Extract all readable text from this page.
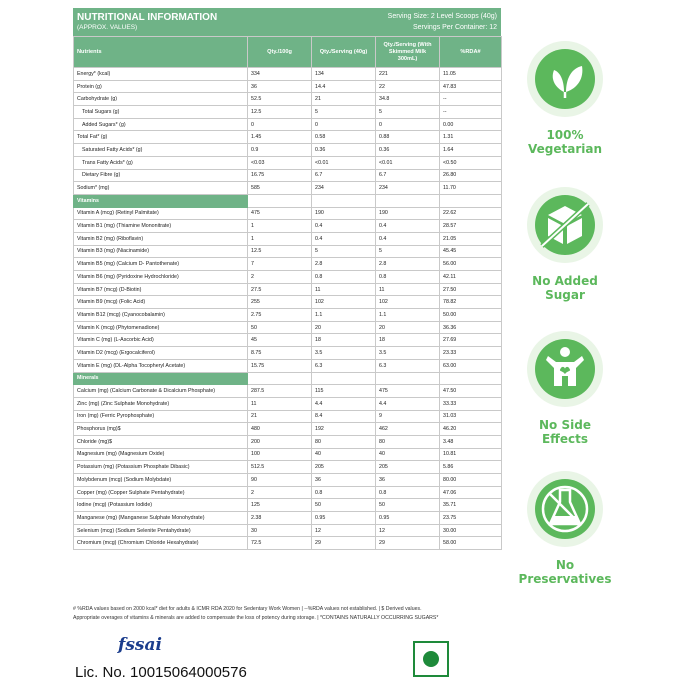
NUTRITIONAL INFORMATION
(APPROX. VALUES)
Serving Size: 2 Level Scoops (40g)
Servings Per Container: 12
Nutrients	Qty./100g	Qty./Serving (40g)	Qty./Serving (With Skimmed Milk 300mL)	%RDA#
Energy* (kcal)	334	134	221	11.05
Protein (g)	36	14.4	22	47.83
Carbohydrate (g)	52.5	21	34.8	--
Total Sugars (g)	12.5	5	5	--
Added Sugars* (g)	0	0	0	0.00
Total Fat* (g)	1.45	0.58	0.88	1.31
Saturated Fatty Acids* (g)	0.9	0.36	0.36	1.64
Trans Fatty Acids* (g)	<0.03	<0.01	<0.01	<0.50
Dietary Fibre (g)	16.75	6.7	6.7	26.80
Sodium* (mg)	585	234	234	11.70
Vitamins				
Vitamin A (mcg) (Retinyl Palmitate)	475	190	190	22.62
Vitamin B1 (mg) (Thiamine Mononitrate)	1	0.4	0.4	28.57
Vitamin B2 (mg) (Riboflavin)	1	0.4	0.4	21.05
Vitamin B3 (mg) (Niacinamide)	12.5	5	5	45.45
Vitamin B5 (mg) (Calcium D- Pantothenate)	7	2.8	2.8	56.00
Vitamin B6 (mg) (Pyridoxine Hydrochloride)	2	0.8	0.8	42.11
Vitamin B7 (mcg) (D-Biotin)	27.5	11	11	27.50
Vitamin B9 (mcg) (Folic Acid)	255	102	102	78.82
Vitamin B12 (mcg) (Cyanocobalamin)	2.75	1.1	1.1	50.00
Vitamin K (mcg) (Phytomenadione)	50	20	20	36.36
Vitamin C (mg) (L-Ascorbic Acid)	45	18	18	27.69
Vitamin D2 (mcg) (Ergocalciferol)	8.75	3.5	3.5	23.33
Vitamin E (mg) (DL-Alpha Tocopheryl Acetate)	15.75	6.3	6.3	63.00
Minerals				
Calcium (mg) (Calcium Carbonate & Dicalcium Phosphate)	287.5	115	475	47.50
Zinc (mg) (Zinc Sulphate Monohydrate)	11	4.4	4.4	33.33
Iron (mg) (Ferric Pyrophosphate)	21	8.4	9	31.03
Phosphorus (mg)$	480	192	462	46.20
Chloride (mg)$	200	80	80	3.48
Magnesium (mg) (Magnesium Oxide)	100	40	40	10.81
Potassium (mg) (Potassium Phosphate Dibasic)	512.5	205	205	5.86
Molybdenum (mcg) (Sodium Molybdate)	90	36	36	80.00
Copper (mg) (Copper Sulphate Pentahydrate)	2	0.8	0.8	47.06
Iodine (mcg) (Potassium Iodide)	125	50	50	35.71
Manganese (mg) (Manganese Sulphate Monohydrate)	2.38	0.95	0.95	23.75
Selenium (mcg) (Sodium Selenite Pentahydrate)	30	12	12	30.00
Chromium (mcg) (Chromium Chloride Hexahydrate)	72.5	29	29	58.00
# %RDA values based on 2000 kcal* diet for adults & ICMR RDA 2020 for Sedentary Work Women | --%RDA values not established. | $ Derived values.
Appropriate overages of vitamins & minerals are added to compensate the loss of potency during storage. | *CONTAINS NATURALLY OCCURRING SUGARS*
fssai
Lic. No. 10015064000576
100% Vegetarian
No Added Sugar
No Side Effects
No Preservatives
